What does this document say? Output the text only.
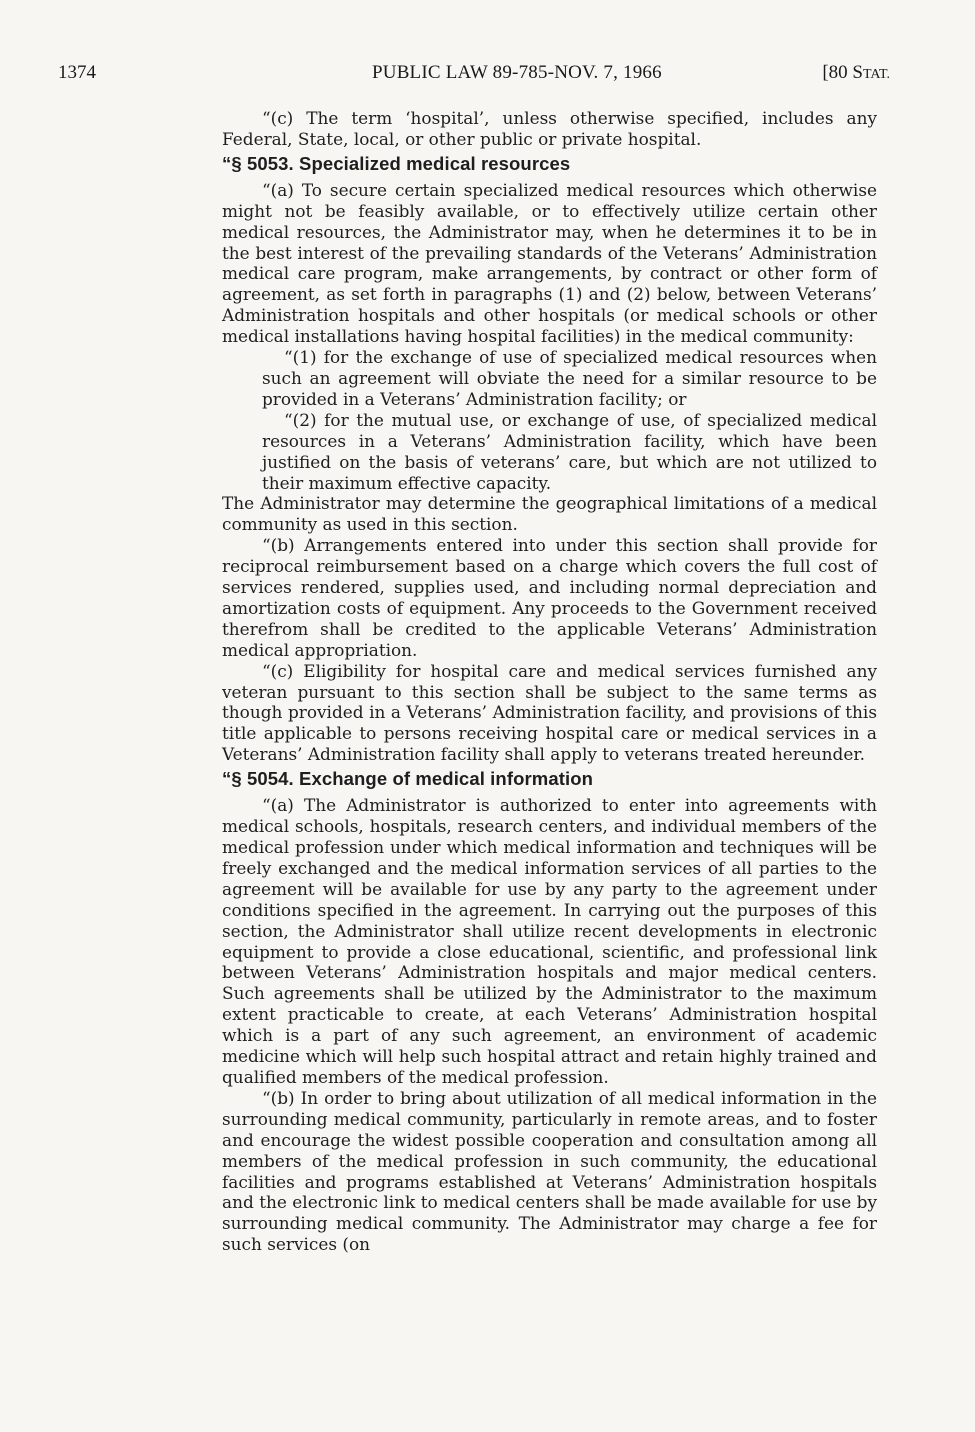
1374	PUBLIC LAW 89-785-NOV. 7, 1966	[80 STAT.

“(c) The term ‘hospital’, unless otherwise specified, includes any Federal, State, local, or other public or private hospital.

“§ 5053. Specialized medical resources

“(a) To secure certain specialized medical resources which otherwise might not be feasibly available, or to effectively utilize certain other medical resources, the Administrator may, when he determines it to be in the best interest of the prevailing standards of the Veterans’ Administration medical care program, make arrangements, by contract or other form of agreement, as set forth in paragraphs (1) and (2) below, between Veterans’ Administration hospitals and other hospitals (or medical schools or other medical installations having hospital facilities) in the medical community:

“(1) for the exchange of use of specialized medical resources when such an agreement will obviate the need for a similar resource to be provided in a Veterans’ Administration facility; or

“(2) for the mutual use, or exchange of use, of specialized medical resources in a Veterans’ Administration facility, which have been justified on the basis of veterans’ care, but which are not utilized to their maximum effective capacity.

The Administrator may determine the geographical limitations of a medical community as used in this section.

“(b) Arrangements entered into under this section shall provide for reciprocal reimbursement based on a charge which covers the full cost of services rendered, supplies used, and including normal depreciation and amortization costs of equipment. Any proceeds to the Government received therefrom shall be credited to the applicable Veterans’ Administration medical appropriation.

“(c) Eligibility for hospital care and medical services furnished any veteran pursuant to this section shall be subject to the same terms as though provided in a Veterans’ Administration facility, and provisions of this title applicable to persons receiving hospital care or medical services in a Veterans’ Administration facility shall apply to veterans treated hereunder.

“§ 5054. Exchange of medical information

“(a) The Administrator is authorized to enter into agreements with medical schools, hospitals, research centers, and individual members of the medical profession under which medical information and techniques will be freely exchanged and the medical information services of all parties to the agreement will be available for use by any party to the agreement under conditions specified in the agreement. In carrying out the purposes of this section, the Administrator shall utilize recent developments in electronic equipment to provide a close educational, scientific, and professional link between Veterans’ Administration hospitals and major medical centers. Such agreements shall be utilized by the Administrator to the maximum extent practicable to create, at each Veterans’ Administration hospital which is a part of any such agreement, an environment of academic medicine which will help such hospital attract and retain highly trained and qualified members of the medical profession.

“(b) In order to bring about utilization of all medical information in the surrounding medical community, particularly in remote areas, and to foster and encourage the widest possible cooperation and consultation among all members of the medical profession in such community, the educational facilities and programs established at Veterans’ Administration hospitals and the electronic link to medical centers shall be made available for use by surrounding medical community. The Administrator may charge a fee for such services (on
